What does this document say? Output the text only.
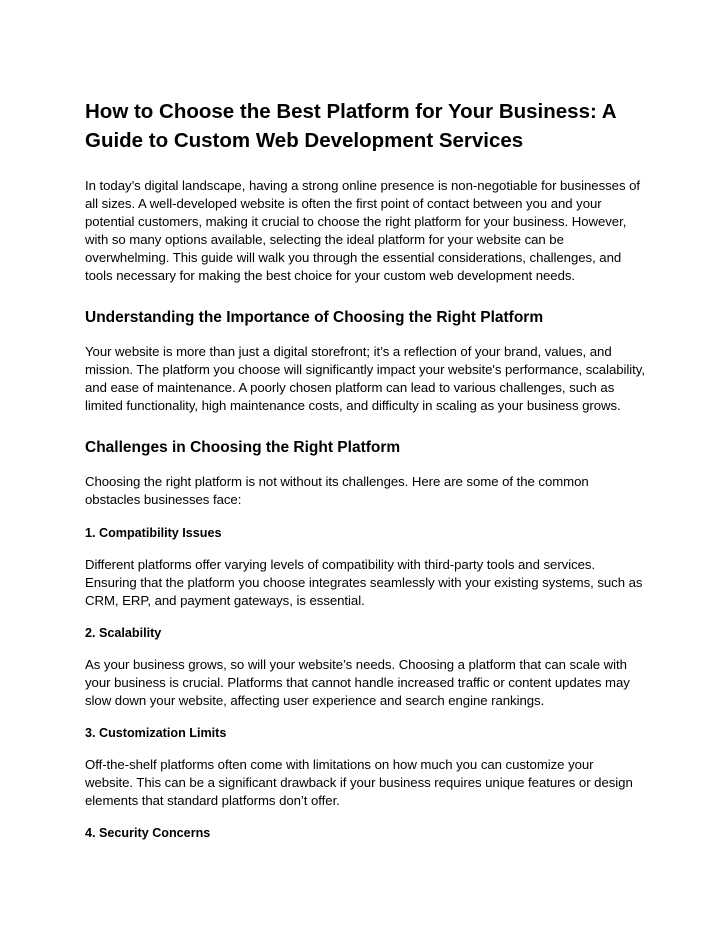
How to Choose the Best Platform for Your Business: A Guide to Custom Web Development Services

In today’s digital landscape, having a strong online presence is non-negotiable for businesses of all sizes. A well-developed website is often the first point of contact between you and your potential customers, making it crucial to choose the right platform for your business. However, with so many options available, selecting the ideal platform for your website can be overwhelming. This guide will walk you through the essential considerations, challenges, and tools necessary for making the best choice for your custom web development needs.

Understanding the Importance of Choosing the Right Platform

Your website is more than just a digital storefront; it’s a reflection of your brand, values, and mission. The platform you choose will significantly impact your website's performance, scalability, and ease of maintenance. A poorly chosen platform can lead to various challenges, such as limited functionality, high maintenance costs, and difficulty in scaling as your business grows.

Challenges in Choosing the Right Platform

Choosing the right platform is not without its challenges. Here are some of the common obstacles businesses face:

1. Compatibility Issues

Different platforms offer varying levels of compatibility with third-party tools and services. Ensuring that the platform you choose integrates seamlessly with your existing systems, such as CRM, ERP, and payment gateways, is essential.

2. Scalability

As your business grows, so will your website’s needs. Choosing a platform that can scale with your business is crucial. Platforms that cannot handle increased traffic or content updates may slow down your website, affecting user experience and search engine rankings.

3. Customization Limits

Off-the-shelf platforms often come with limitations on how much you can customize your website. This can be a significant drawback if your business requires unique features or design elements that standard platforms don’t offer.

4. Security Concerns
